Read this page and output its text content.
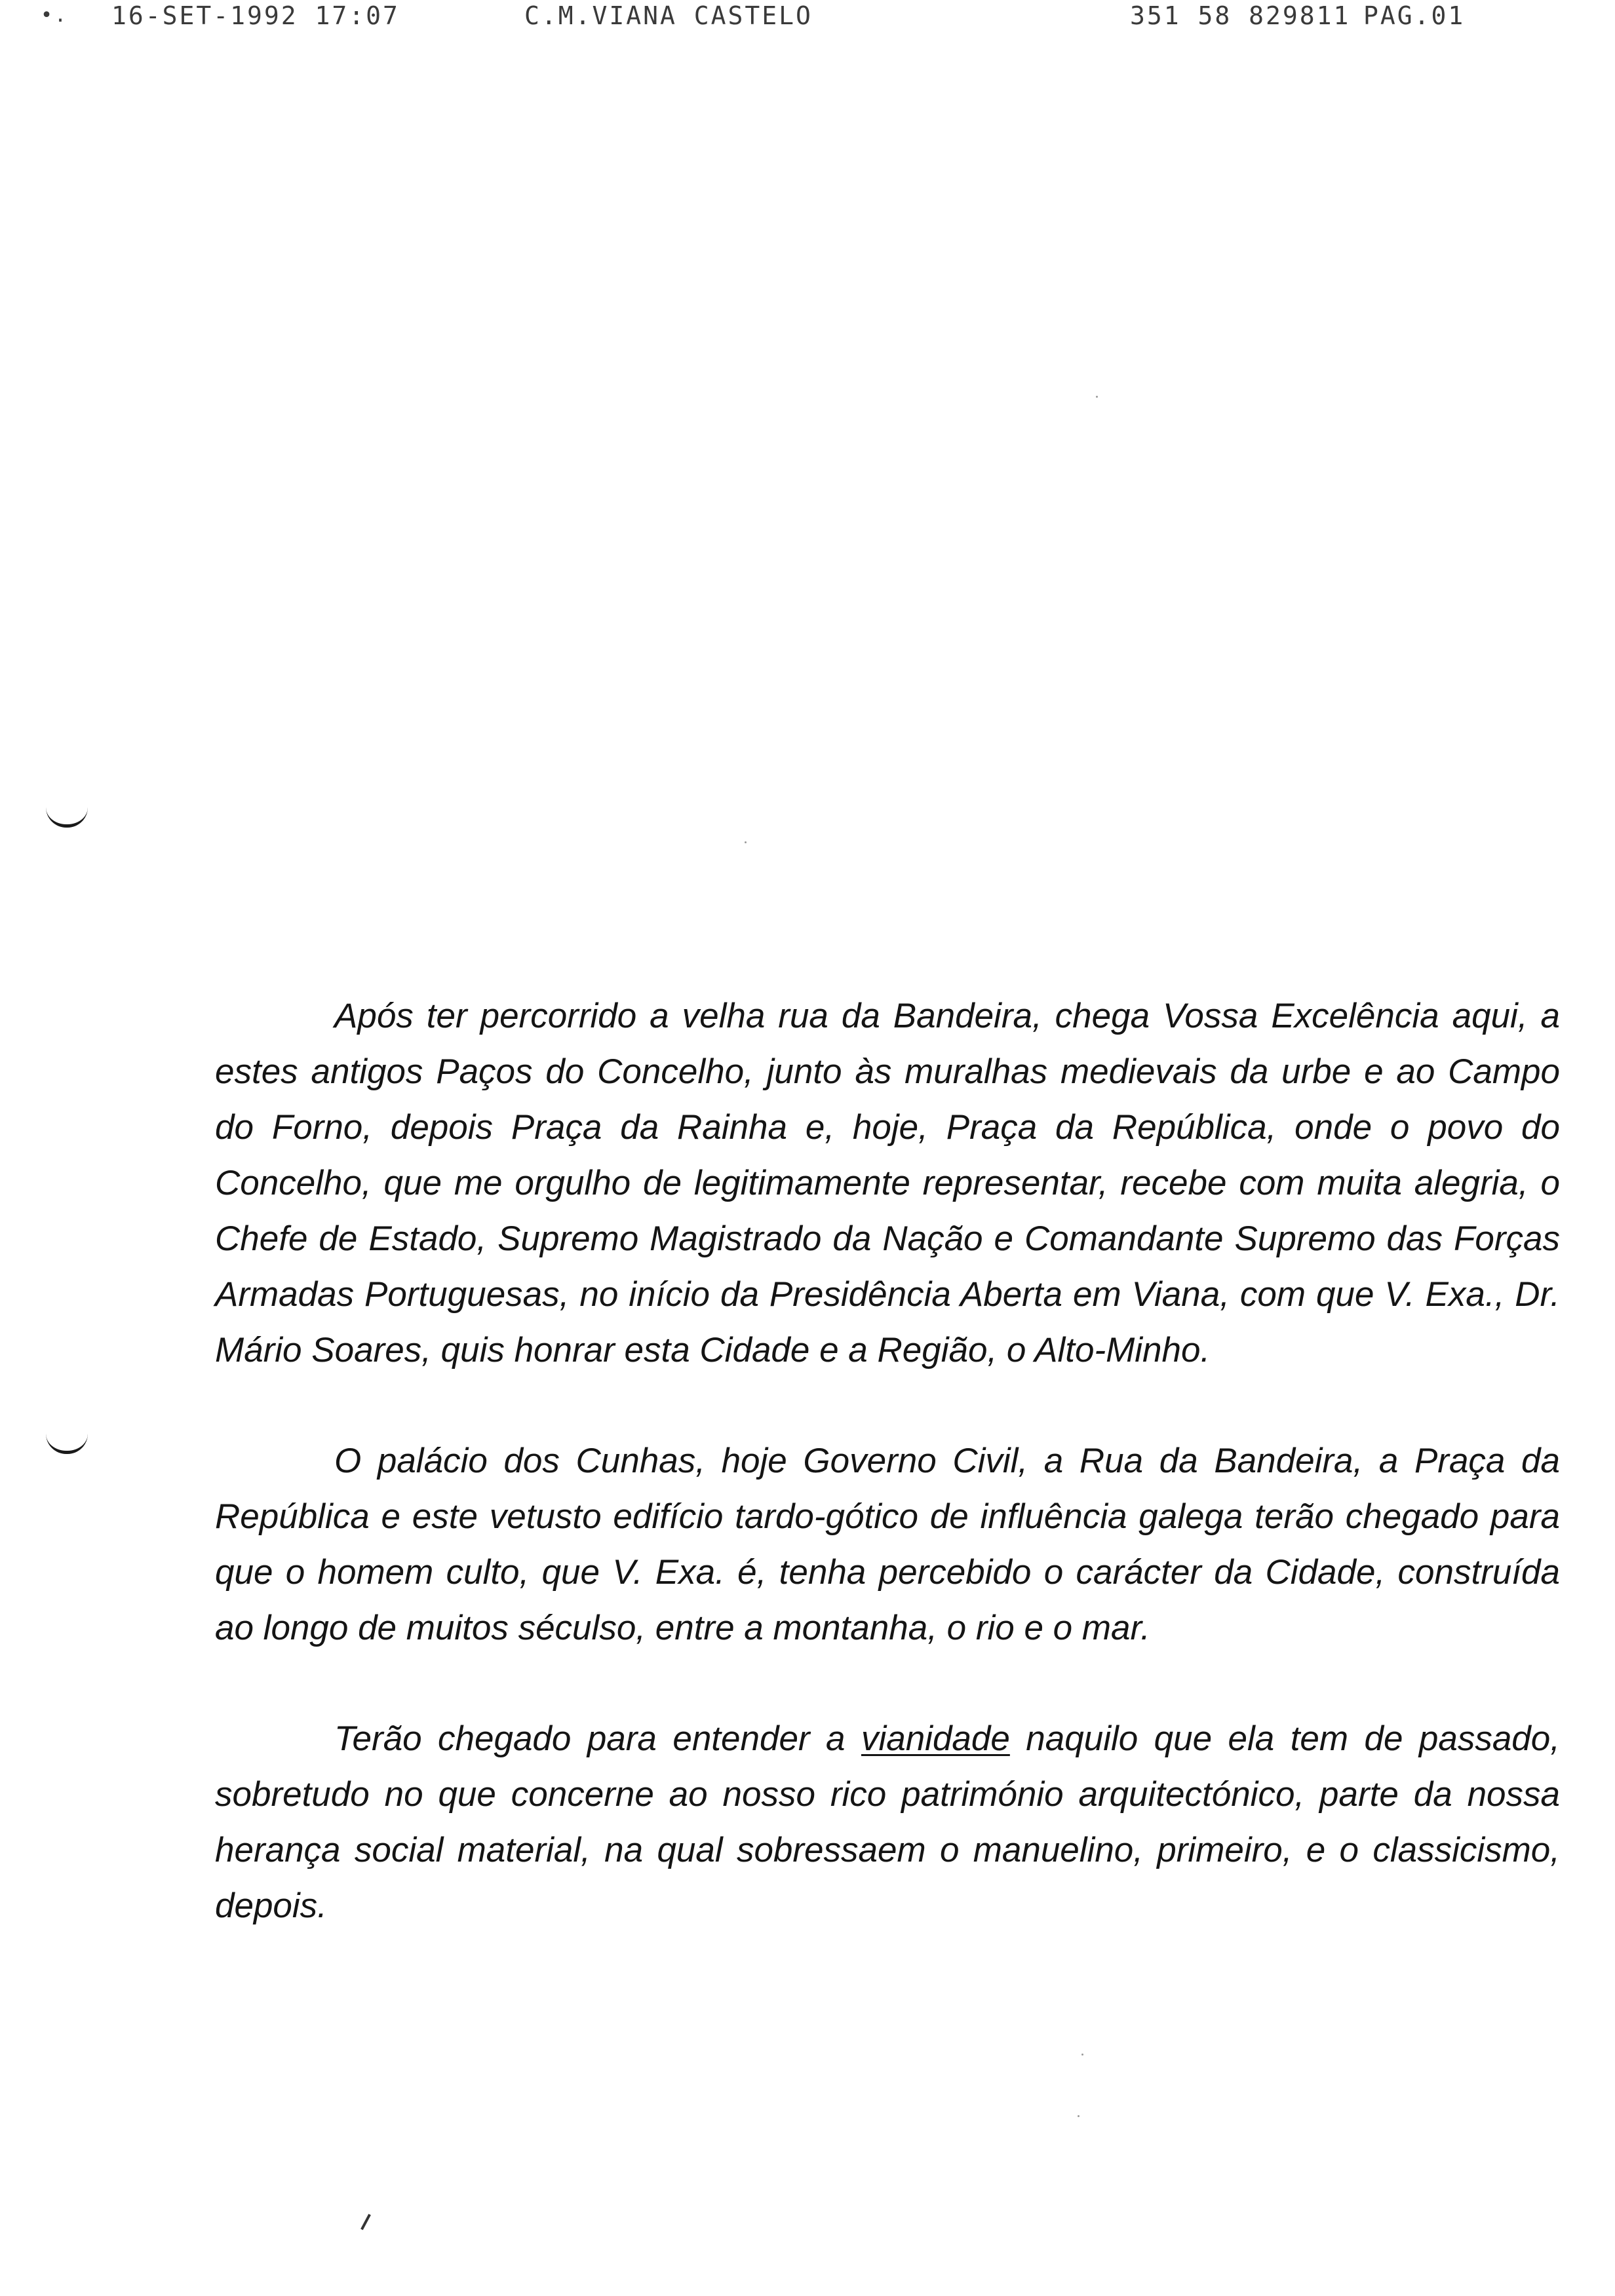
•. 16-SET-1992 17:07	C.M.VIANA CASTELO	351 58 829811 PAG.01

Após ter percorrido a velha rua da Bandeira, chega Vossa Excelência aqui, a estes antigos Paços do Concelho, junto às muralhas medievais da urbe e ao Campo do Forno, depois Praça da Rainha e, hoje, Praça da República, onde o povo do Concelho, que me orgulho de legitimamente representar, recebe com muita alegria, o Chefe de Estado, Supremo Magistrado da Nação e Comandante Supremo das Forças Armadas Portuguesas, no início da Presidência Aberta em Viana, com que V. Exa., Dr. Mário Soares, quis honrar esta Cidade e a Região, o Alto-Minho.

O palácio dos Cunhas, hoje Governo Civil, a Rua da Bandeira, a Praça da República e este vetusto edifício tardo-gótico de influência galega terão chegado para que o homem culto, que V. Exa. é, tenha percebido o carácter da Cidade, construída ao longo de muitos séculso, entre a montanha, o rio e o mar.

Terão chegado para entender a vianidade naquilo que ela tem de passado, sobretudo no que concerne ao nosso rico património arquitectónico, parte da nossa herança social material, na qual sobressaem o manuelino, primeiro, e o classicismo, depois.
